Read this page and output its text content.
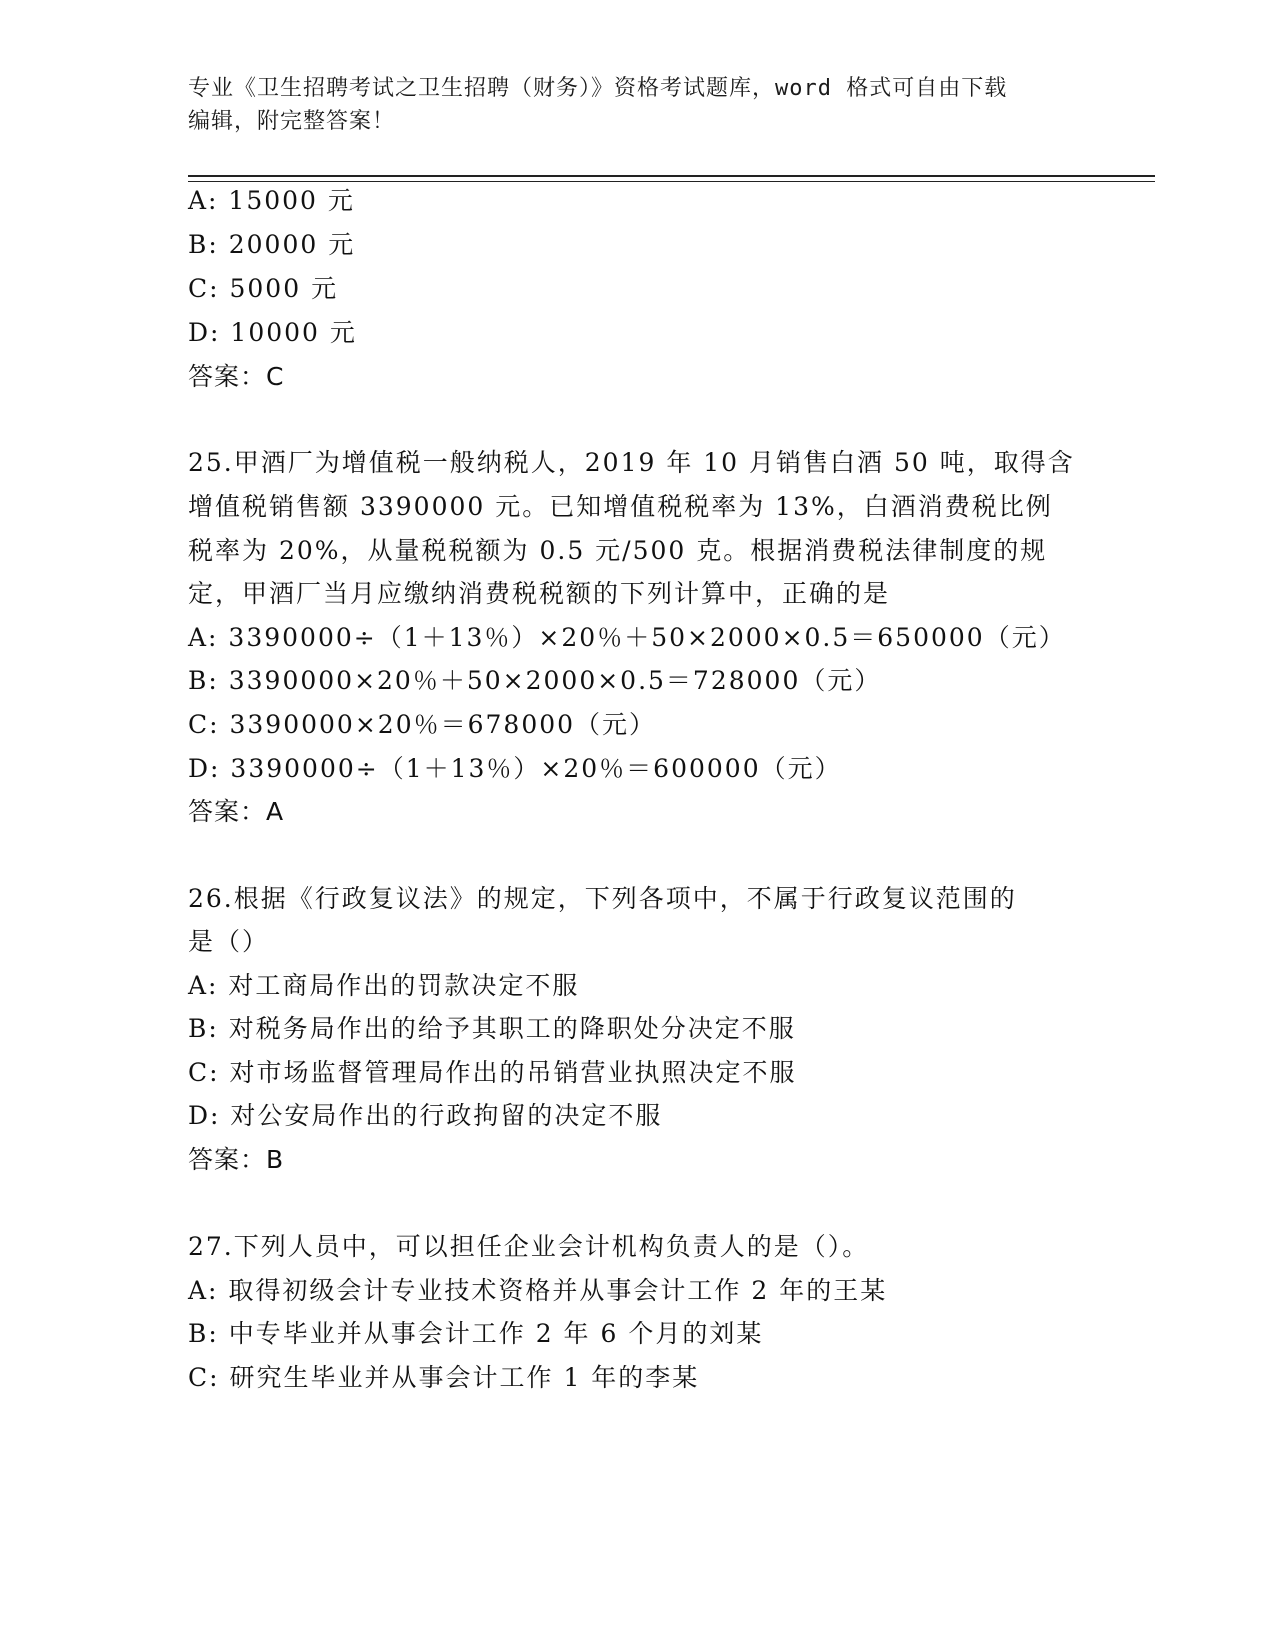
专业《卫生招聘考试之卫生招聘（财务）》资格考试题库，word 格式可自由下载
编辑，附完整答案！
A: 15000 元
B: 20000 元
C: 5000 元
D: 10000 元
答案：C
25.甲酒厂为增值税一般纳税人，2019 年 10 月销售白酒 50 吨，取得含
增值税销售额 3390000 元。已知增值税税率为 13%，白酒消费税比例
税率为 20%，从量税税额为 0.5 元/500 克。根据消费税法律制度的规
定，甲酒厂当月应缴纳消费税税额的下列计算中，正确的是
A: 3390000÷（1＋13％）×20％＋50×2000×0.5＝650000（元）
B: 3390000×20％＋50×2000×0.5＝728000（元）
C: 3390000×20％＝678000（元）
D: 3390000÷（1＋13％）×20％＝600000（元）
答案：A
26.根据《行政复议法》的规定，下列各项中，不属于行政复议范围的
是（）
A: 对工商局作出的罚款决定不服
B: 对税务局作出的给予其职工的降职处分决定不服
C: 对市场监督管理局作出的吊销营业执照决定不服
D: 对公安局作出的行政拘留的决定不服
答案：B
27.下列人员中，可以担任企业会计机构负责人的是（）。
A: 取得初级会计专业技术资格并从事会计工作 2 年的王某
B: 中专毕业并从事会计工作 2 年 6 个月的刘某
C: 研究生毕业并从事会计工作 1 年的李某
